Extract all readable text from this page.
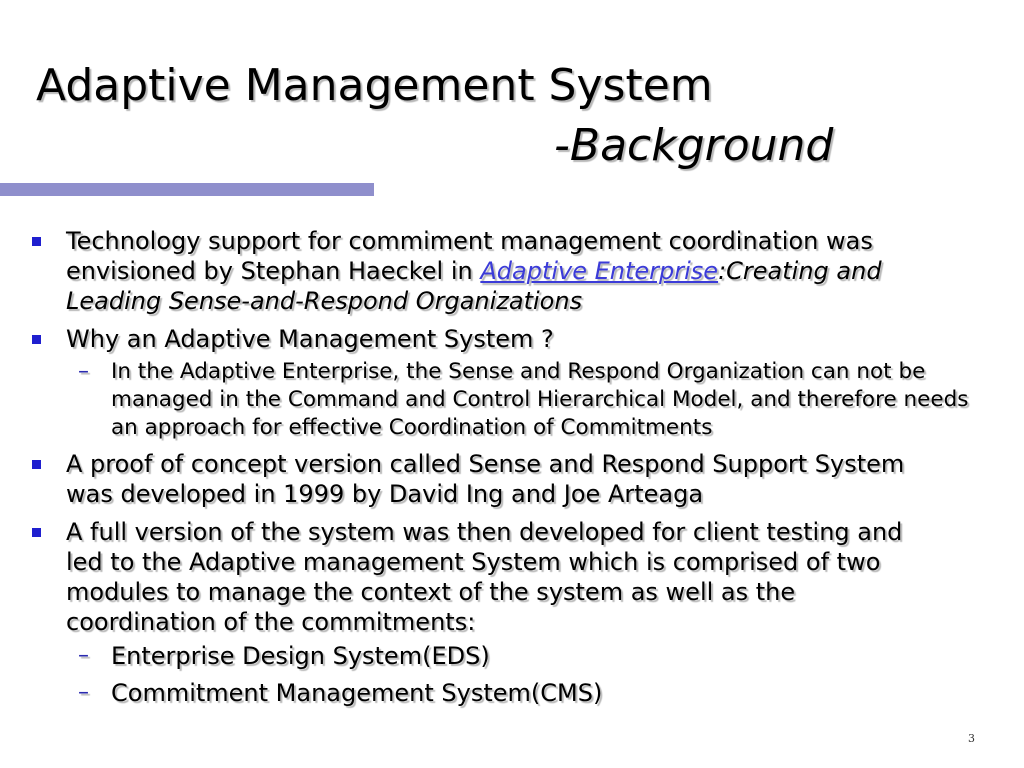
Adaptive Management System
-Background
Technology support for commiment management coordination was envisioned by Stephan Haeckel in Adaptive Enterprise:Creating and Leading Sense-and-Respond Organizations
Why an Adaptive Management System ?
– In the Adaptive Enterprise, the Sense and Respond Organization can not be managed in the Command and Control Hierarchical Model, and therefore needs an approach for effective Coordination of Commitments
A proof of concept version called Sense and Respond Support System was developed in 1999 by David Ing and Joe Arteaga
A full version of the system was then developed for client testing and led to the Adaptive management System which is comprised of two modules to manage the context of the system as well as the coordination of the commitments:
– Enterprise Design System(EDS)
– Commitment Management System(CMS)
3
